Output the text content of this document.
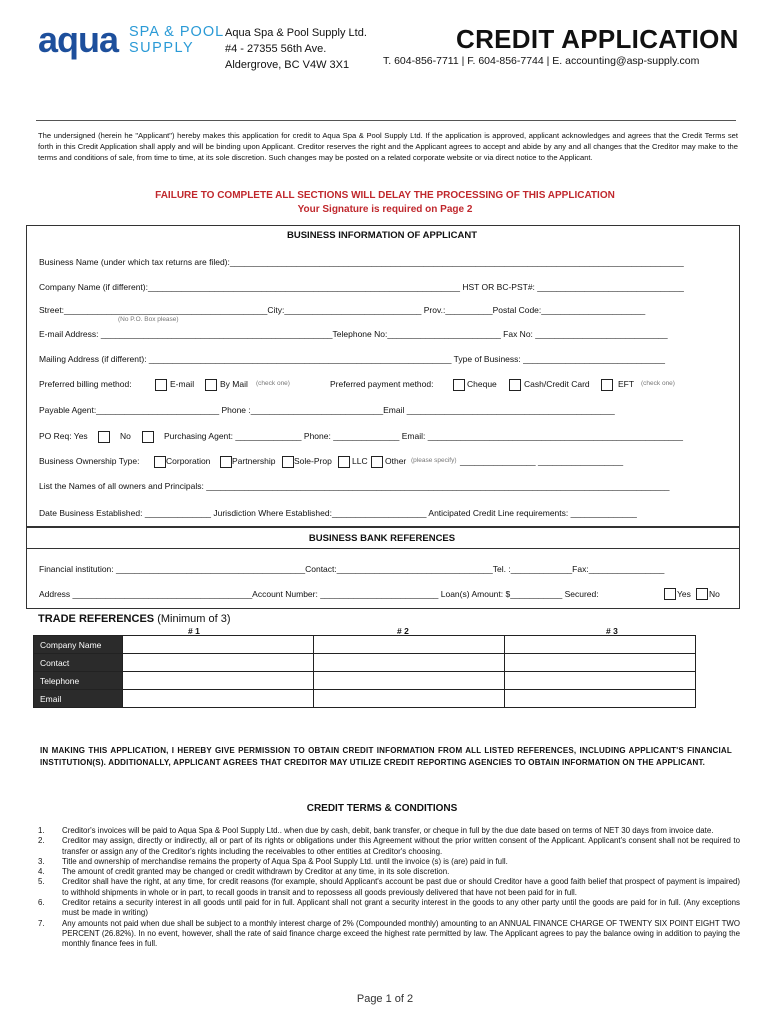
aqua SPA & POOL
SUPPLY
Aqua Spa & Pool Supply Ltd.
#4 - 27355 56th Ave.
Aldergrove, BC V4W 3X1
CREDIT APPLICATION
T. 604-856-7711 | F. 604-856-7744 | E. accounting@asp-supply.com
The undersigned (herein he "Applicant") hereby makes this application for credit to Aqua Spa & Pool Supply Ltd. If the application is approved, applicant acknowledges and agrees that the Credit Terms set forth in this Credit Application shall apply and will be binding upon Applicant. Creditor reserves the right and the Applicant agrees to accept and abide by any and all changes that the Creditor may make to the terms and conditions of sale, from time to time, at its sole discretion. Such changes may be posted on a related corporate website or via direct notice to the Applicant.
FAILURE TO COMPLETE ALL SECTIONS WILL DELAY THE PROCESSING OF THIS APPLICATION
Your Signature is required on Page 2
BUSINESS INFORMATION OF APPLICANT
Business Name (under which tax returns are filed):________________________________________________________________________________________________
Company Name (if different):__________________________________________________________________ HST OR BC-PST#: _______________________________
Street:___________________________________________City:_____________________________ Prov.:__________Postal Code:______________________
(No P.O. Box please)
E-mail Address: _________________________________________________Telephone No:________________________ Fax No: ____________________________
Mailing Address (if different): ________________________________________________________________ Type of Business: ______________________________
Preferred billing method:	E-mail	By Mail (check one)	Preferred payment method:	Cheque	Cash/Credit Card	EFT (check one)
Payable Agent:__________________________ Phone :____________________________Email ____________________________________________
PO Req: Yes	No	Purchasing Agent: ______________ Phone: ______________ Email: ______________________________________________________
Business Ownership Type:	Corporation	Partnership Sole-Prop LLC Other (please specify) ________________ __________________
List the Names of all owners and Principals: __________________________________________________________________________________________________
Date Business Established: ______________ Jurisdiction Where Established:____________________ Anticipated Credit Line requirements: ______________
BUSINESS BANK REFERENCES
Financial institution: ________________________________________Contact:_________________________________Tel. :_____________Fax:________________
Address ______________________________________Account Number: _________________________ Loan(s) Amount: $___________ Secured:	Yes No
TRADE REFERENCES (Minimum of 3)
# 1	# 2	# 3
Company Name			
Contact			
Telephone			
Email			
IN MAKING THIS APPLICATION, I HEREBY GIVE PERMISSION TO OBTAIN CREDIT INFORMATION FROM ALL LISTED REFERENCES, INCLUDING APPLICANT'S FINANCIAL INSTITUTION(S). ADDITIONALLY, APPLICANT AGREES THAT CREDITOR MAY UTILIZE CREDIT REPORTING AGENCIES TO OBTAIN INFORMATION ON THE APPLICANT.
CREDIT TERMS & CONDITIONS
1. Creditor's invoices will be paid to Aqua Spa & Pool Supply Ltd.. when due by cash, debit, bank transfer, or cheque in full by the due date based on terms of NET 30 days from invoice date.
2. Creditor may assign, directly or indirectly, all or part of its rights or obligations under this Agreement without the prior written consent of the Applicant. Applicant's consent shall not be required to transfer or assign any of the Creditor's rights including the receivables to other entities at Creditor's choosing.
3. Title and ownership of merchandise remains the property of Aqua Spa & Pool Supply Ltd. until the invoice (s) is (are) paid in full.
4. The amount of credit granted may be changed or credit withdrawn by Creditor at any time, in its sole discretion.
5. Creditor shall have the right, at any time, for credit reasons (for example, should Applicant's account be past due or should Creditor have a good faith belief that prospect of payment is impaired) to withhold shipments in whole or in part, to recall goods in transit and to repossess all goods previously delivered that have not been paid for in full.
6. Creditor retains a security interest in all goods until paid for in full. Applicant shall not grant a security interest in the goods to any other party until the goods are paid for in full. (Any exceptions must be made in writing)
7. Any amounts not paid when due shall be subject to a monthly interest charge of 2% (Compounded monthly) amounting to an ANNUAL FINANCE CHARGE OF TWENTY SIX POINT EIGHT TWO PERCENT (26.82%). In no event, however, shall the rate of said finance charge exceed the highest rate permitted by law. The Applicant agrees to pay the balance owing in addition to paying the monthly finance fees in full.
Page 1 of 2
